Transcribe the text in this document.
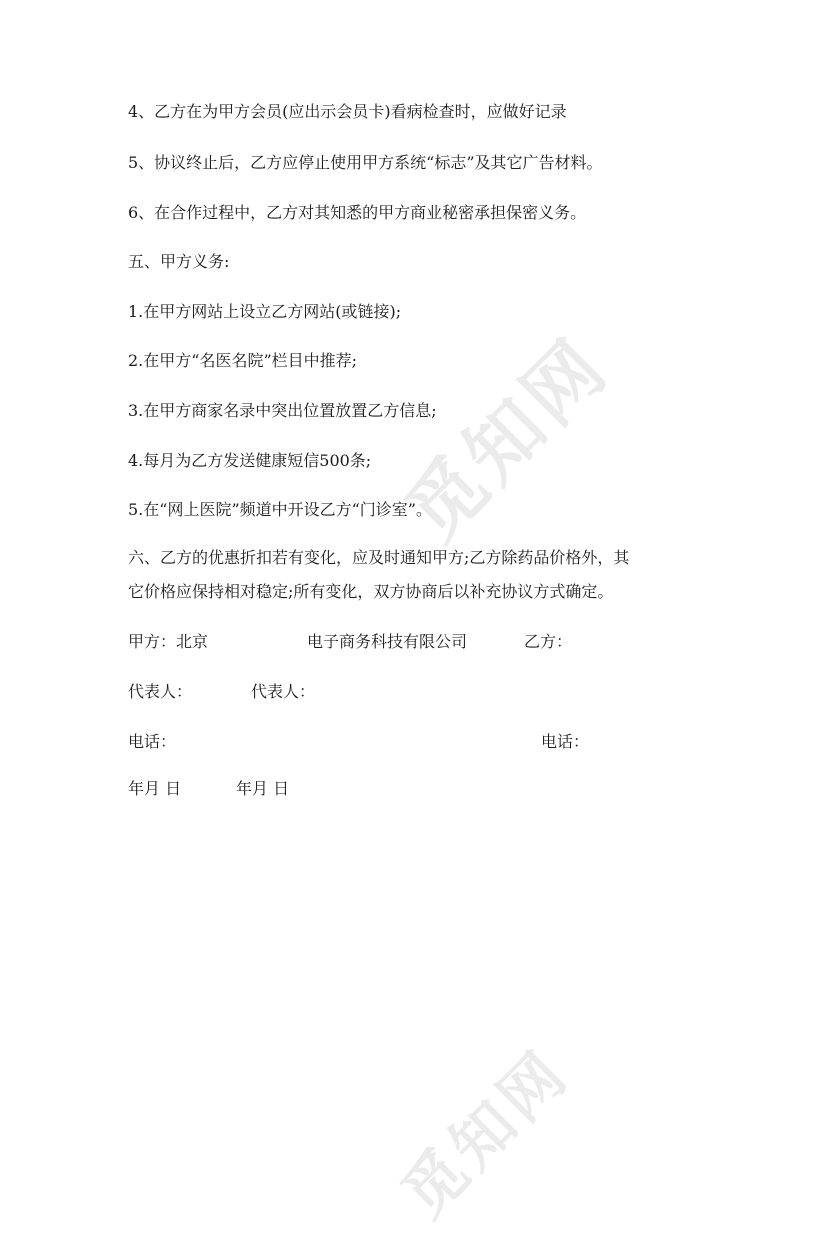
觅知网
觅知网
4、乙方在为甲方会员(应出示会员卡)看病检查时，应做好记录
5、协议终止后，乙方应停止使用甲方系统“标志”及其它广告材料。
6、在合作过程中，乙方对其知悉的甲方商业秘密承担保密义务。
五、甲方义务:
1.在甲方网站上设立乙方网站(或链接);
2.在甲方“名医名院”栏目中推荐;
3.在甲方商家名录中突出位置放置乙方信息;
4.每月为乙方发送健康短信500条;
5.在“网上医院”频道中开设乙方“门诊室”。
六、乙方的优惠折扣若有变化，应及时通知甲方;乙方除药品价格外，其
它价格应保持相对稳定;所有变化，双方协商后以补充协议方式确定。
甲方：北京	电子商务科技有限公司	乙方：
代表人：	代表人：
电话：	电话：
年月 日	年月 日
